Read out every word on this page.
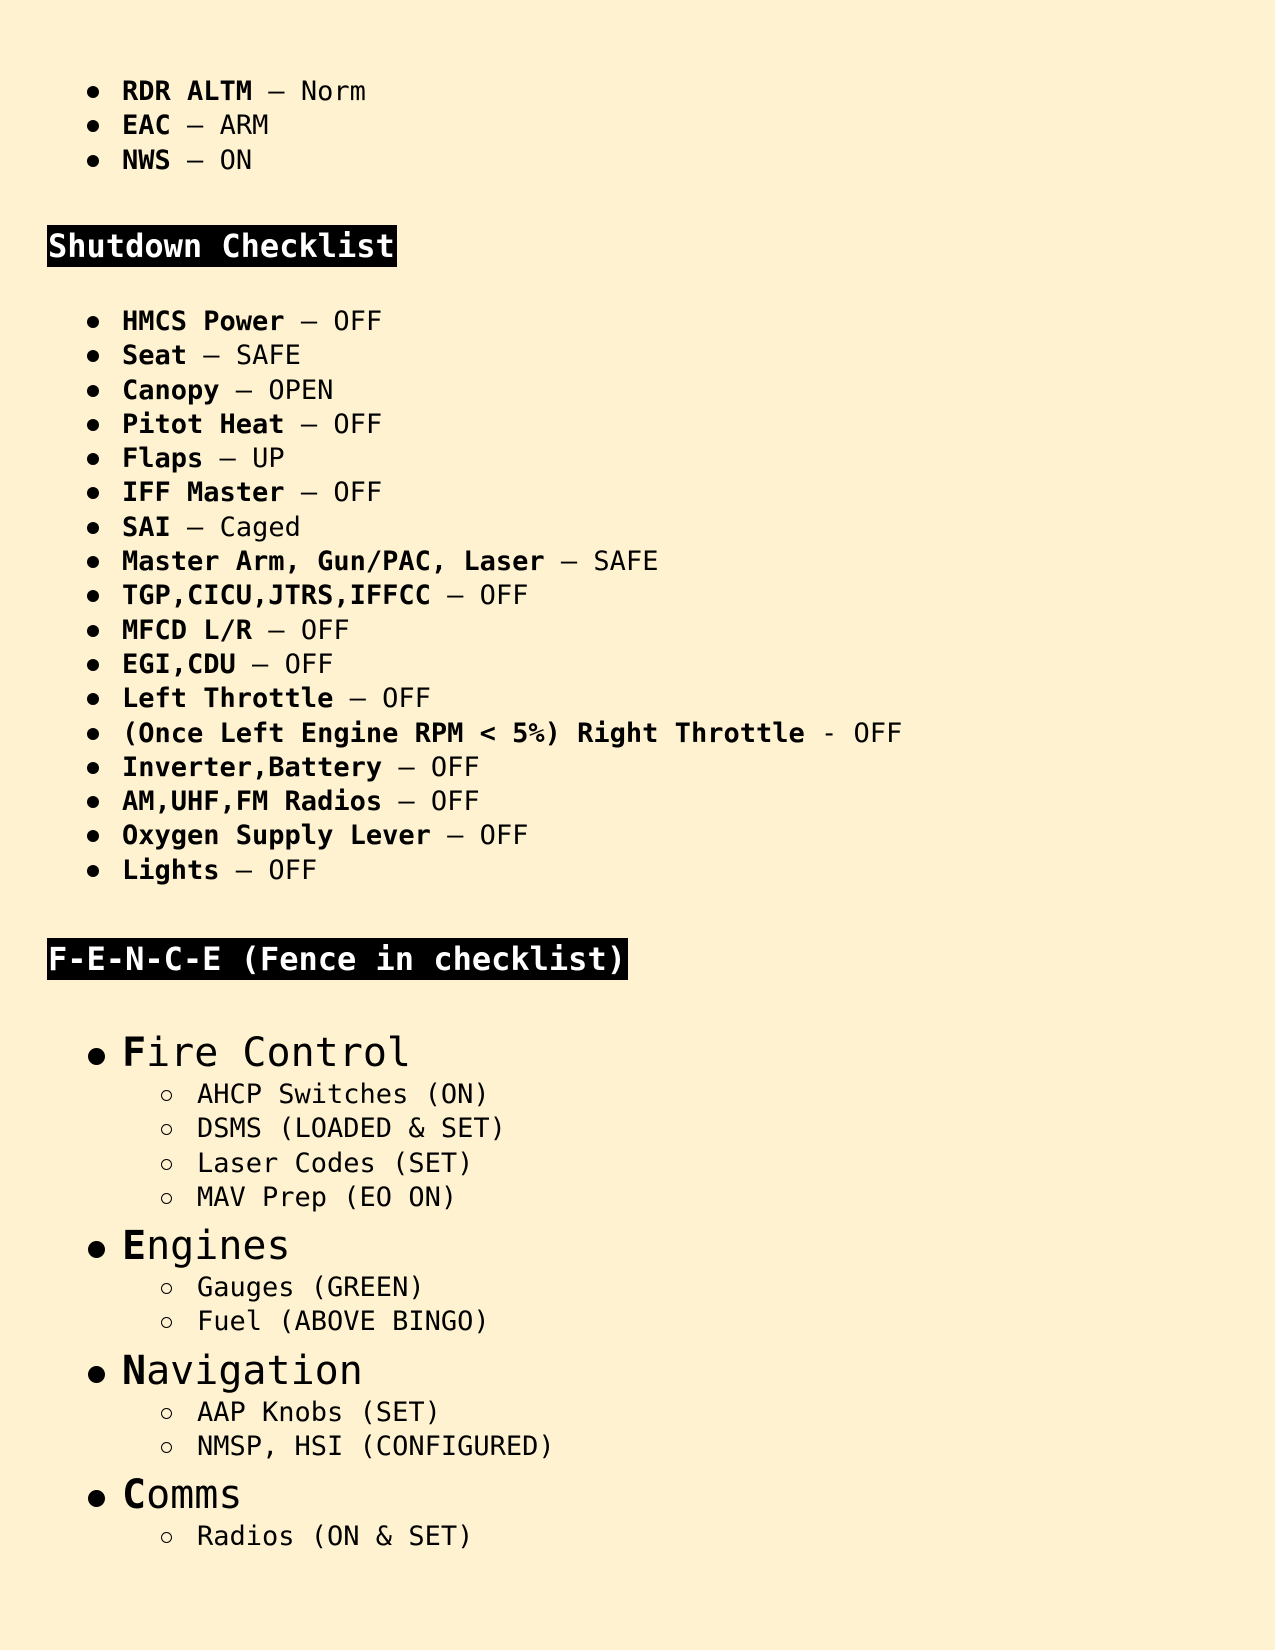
RDR ALTM – Norm
EAC – ARM
NWS – ON
Shutdown Checklist
HMCS Power – OFF
Seat – SAFE
Canopy – OPEN
Pitot Heat – OFF
Flaps – UP
IFF Master – OFF
SAI – Caged
Master Arm, Gun/PAC, Laser – SAFE
TGP,CICU,JTRS,IFFCC – OFF
MFCD L/R – OFF
EGI,CDU – OFF
Left Throttle – OFF
(Once Left Engine RPM < 5%) Right Throttle - OFF
Inverter,Battery – OFF
AM,UHF,FM Radios – OFF
Oxygen Supply Lever – OFF
Lights – OFF
F-E-N-C-E (Fence in checklist)
Fire Control
AHCP Switches (ON)
DSMS (LOADED & SET)
Laser Codes (SET)
MAV Prep (EO ON)
Engines
Gauges (GREEN)
Fuel (ABOVE BINGO)
Navigation
AAP Knobs (SET)
NMSP, HSI (CONFIGURED)
Comms
Radios (ON & SET)
